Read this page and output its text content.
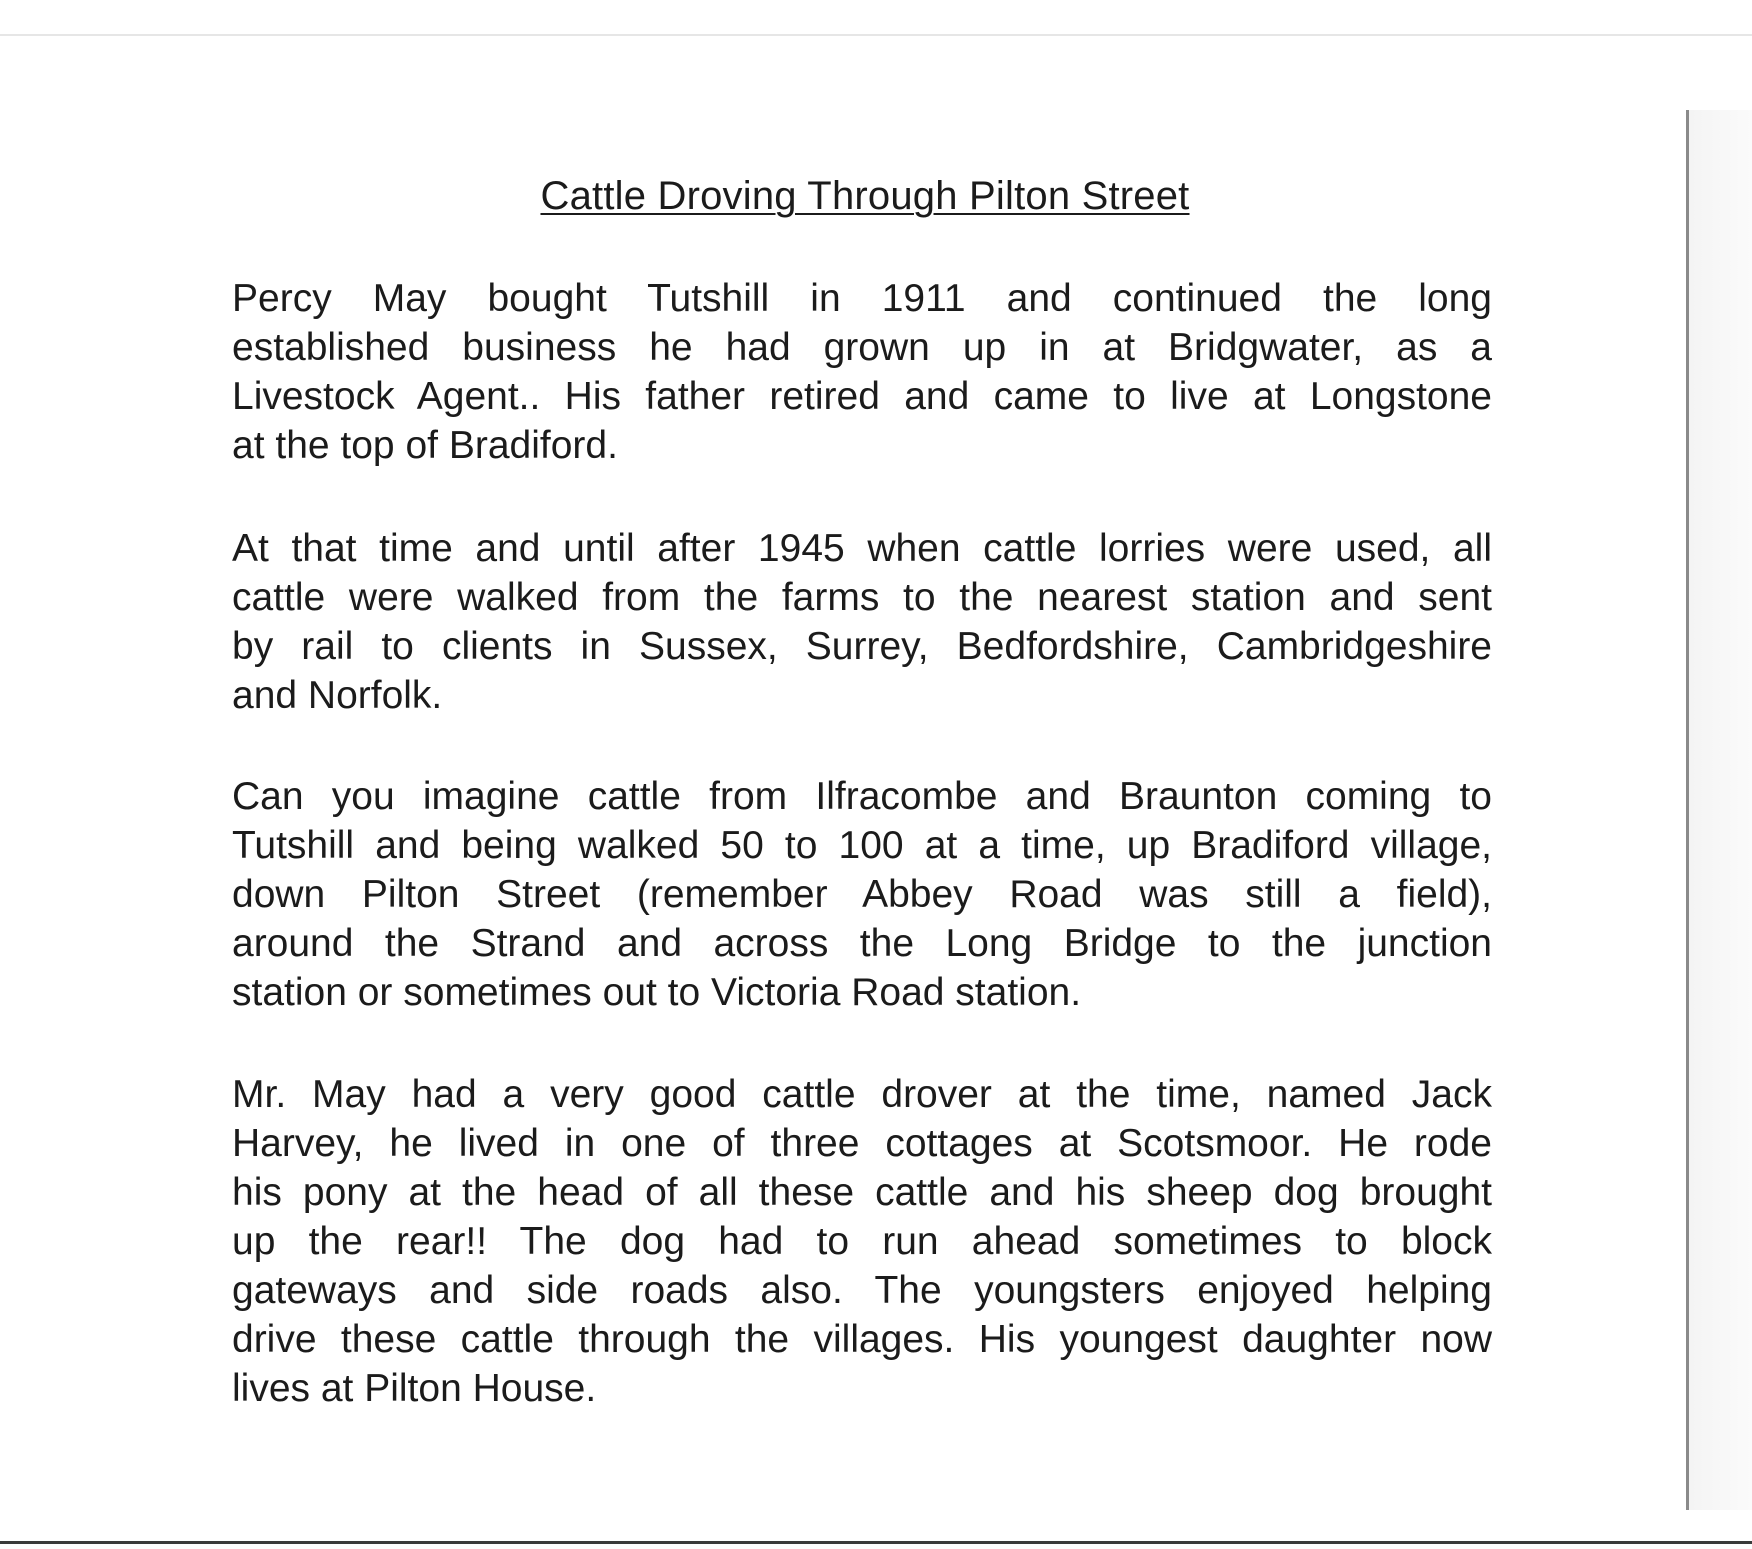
Cattle Droving Through Pilton Street
Percy May bought Tutshill in 1911 and continued the long
established business he had grown up in at Bridgwater, as a
Livestock Agent.. His father retired and came to live at Longstone
at the top of Bradiford.
At that time and until after 1945 when cattle lorries were used, all
cattle were walked from the farms to the nearest station and sent
by rail to clients in Sussex, Surrey, Bedfordshire, Cambridgeshire
and Norfolk.
Can you imagine cattle from Ilfracombe and Braunton coming to
Tutshill and being walked 50 to 100 at a time, up Bradiford village,
down Pilton Street (remember Abbey Road was still a field),
around the Strand and across the Long Bridge to the junction
station or sometimes out to Victoria Road station.
Mr. May had a very good cattle drover at the time, named Jack
Harvey, he lived in one of three cottages at Scotsmoor. He rode
his pony at the head of all these cattle and his sheep dog brought
up the rear!! The dog had to run ahead sometimes to block
gateways and side roads also. The youngsters enjoyed helping
drive these cattle through the villages. His youngest daughter now
lives at Pilton House.
